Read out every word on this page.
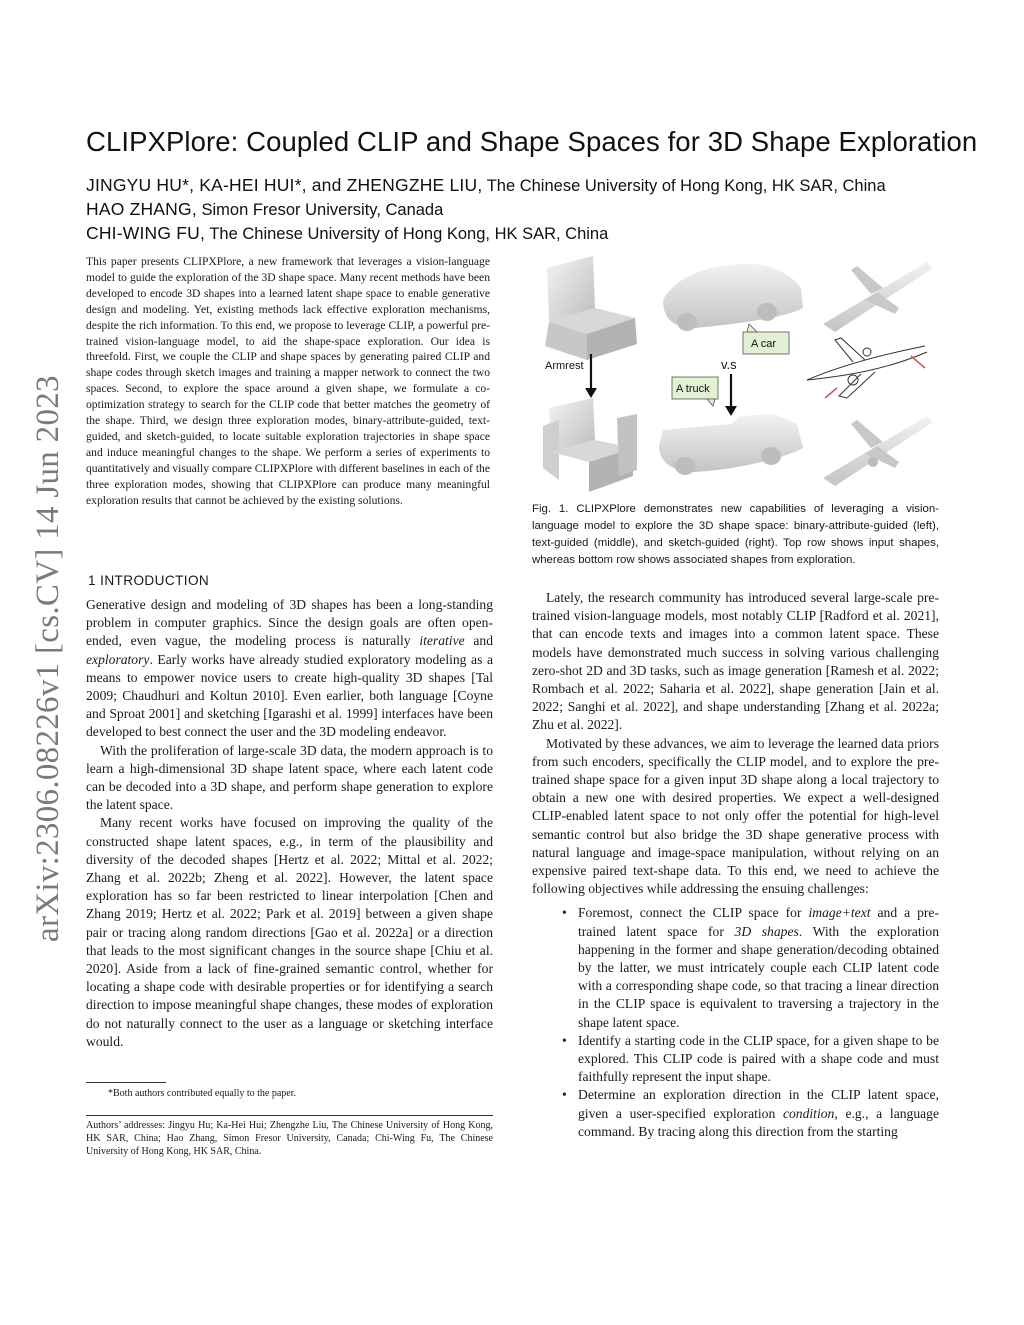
arXiv:2306.08226v1 [cs.CV] 14 Jun 2023
CLIPXPlore: Coupled CLIP and Shape Spaces for 3D Shape Exploration
JINGYU HU*, KA-HEI HUI*, and ZHENGZHE LIU, The Chinese University of Hong Kong, HK SAR, China
HAO ZHANG, Simon Fresor University, Canada
CHI-WING FU, The Chinese University of Hong Kong, HK SAR, China
This paper presents CLIPXPlore, a new framework that leverages a vision-language model to guide the exploration of the 3D shape space. Many recent methods have been developed to encode 3D shapes into a learned latent shape space to enable generative design and modeling. Yet, existing methods lack effective exploration mechanisms, despite the rich information. To this end, we propose to leverage CLIP, a powerful pre-trained vision-language model, to aid the shape-space exploration. Our idea is threefold. First, we couple the CLIP and shape spaces by generating paired CLIP and shape codes through sketch images and training a mapper network to connect the two spaces. Second, to explore the space around a given shape, we formulate a co-optimization strategy to search for the CLIP code that better matches the geometry of the shape. Third, we design three exploration modes, binary-attribute-guided, text-guided, and sketch-guided, to locate suitable exploration trajectories in shape space and induce meaningful changes to the shape. We perform a series of experiments to quantitatively and visually compare CLIPXPlore with different baselines in each of the three exploration modes, showing that CLIPXPlore can produce many meaningful exploration results that cannot be achieved by the existing solutions.
Armrest
A car
v.s
A truck
Fig. 1. CLIPXPlore demonstrates new capabilities of leveraging a vision-language model to explore the 3D shape space: binary-attribute-guided (left), text-guided (middle), and sketch-guided (right). Top row shows input shapes, whereas bottom row shows associated shapes from exploration.
1 INTRODUCTION

Generative design and modeling of 3D shapes has been a long-standing problem in computer graphics. Since the design goals are often open-ended, even vague, the modeling process is naturally iterative and exploratory. Early works have already studied exploratory modeling as a means to empower novice users to create high-quality 3D shapes [Tal 2009; Chaudhuri and Koltun 2010]. Even earlier, both language [Coyne and Sproat 2001] and sketching [Igarashi et al. 1999] interfaces have been developed to best connect the user and the 3D modeling endeavor.

With the proliferation of large-scale 3D data, the modern approach is to learn a high-dimensional 3D shape latent space, where each latent code can be decoded into a 3D shape, and perform shape generation to explore the latent space.

Many recent works have focused on improving the quality of the constructed shape latent spaces, e.g., in term of the plausibility and diversity of the decoded shapes [Hertz et al. 2022; Mittal et al. 2022; Zhang et al. 2022b; Zheng et al. 2022]. However, the latent space exploration has so far been restricted to linear interpolation [Chen and Zhang 2019; Hertz et al. 2022; Park et al. 2019] between a given shape pair or tracing along random directions [Gao et al. 2022a] or a direction that leads to the most significant changes in the source shape [Chiu et al. 2020]. Aside from a lack of fine-grained semantic control, whether for locating a shape code with desirable properties or for identifying a search direction to impose meaningful shape changes, these modes of exploration do not naturally connect to the user as a language or sketching interface would.

Lately, the research community has introduced several large-scale pre-trained vision-language models, most notably CLIP [Radford et al. 2021], that can encode texts and images into a common latent space. These models have demonstrated much success in solving various challenging zero-shot 2D and 3D tasks, such as image generation [Ramesh et al. 2022; Rombach et al. 2022; Saharia et al. 2022], shape generation [Jain et al. 2022; Sanghi et al. 2022], and shape understanding [Zhang et al. 2022a; Zhu et al. 2022].

Motivated by these advances, we aim to leverage the learned data priors from such encoders, specifically the CLIP model, and to explore the pre-trained shape space for a given input 3D shape along a local trajectory to obtain a new one with desired properties. We expect a well-designed CLIP-enabled latent space to not only offer the potential for high-level semantic control but also bridge the 3D shape generative process with natural language and image-space manipulation, without relying on an expensive paired text-shape data. To this end, we need to achieve the following objectives while addressing the ensuing challenges:

• Foremost, connect the CLIP space for image+text and a pre-trained latent space for 3D shapes. With the exploration happening in the former and shape generation/decoding obtained by the latter, we must intricately couple each CLIP latent code with a corresponding shape code, so that tracing a linear direction in the CLIP space is equivalent to traversing a trajectory in the shape latent space.
• Identify a starting code in the CLIP space, for a given shape to be explored. This CLIP code is paired with a shape code and must faithfully represent the input shape.
• Determine an exploration direction in the CLIP latent space, given a user-specified exploration condition, e.g., a language command. By tracing along this direction from the starting
*Both authors contributed equally to the paper.
Authors’ addresses: Jingyu Hu; Ka-Hei Hui; Zhengzhe Liu, The Chinese University of Hong Kong, HK SAR, China; Hao Zhang, Simon Fresor University, Canada; Chi-Wing Fu, The Chinese University of Hong Kong, HK SAR, China.
